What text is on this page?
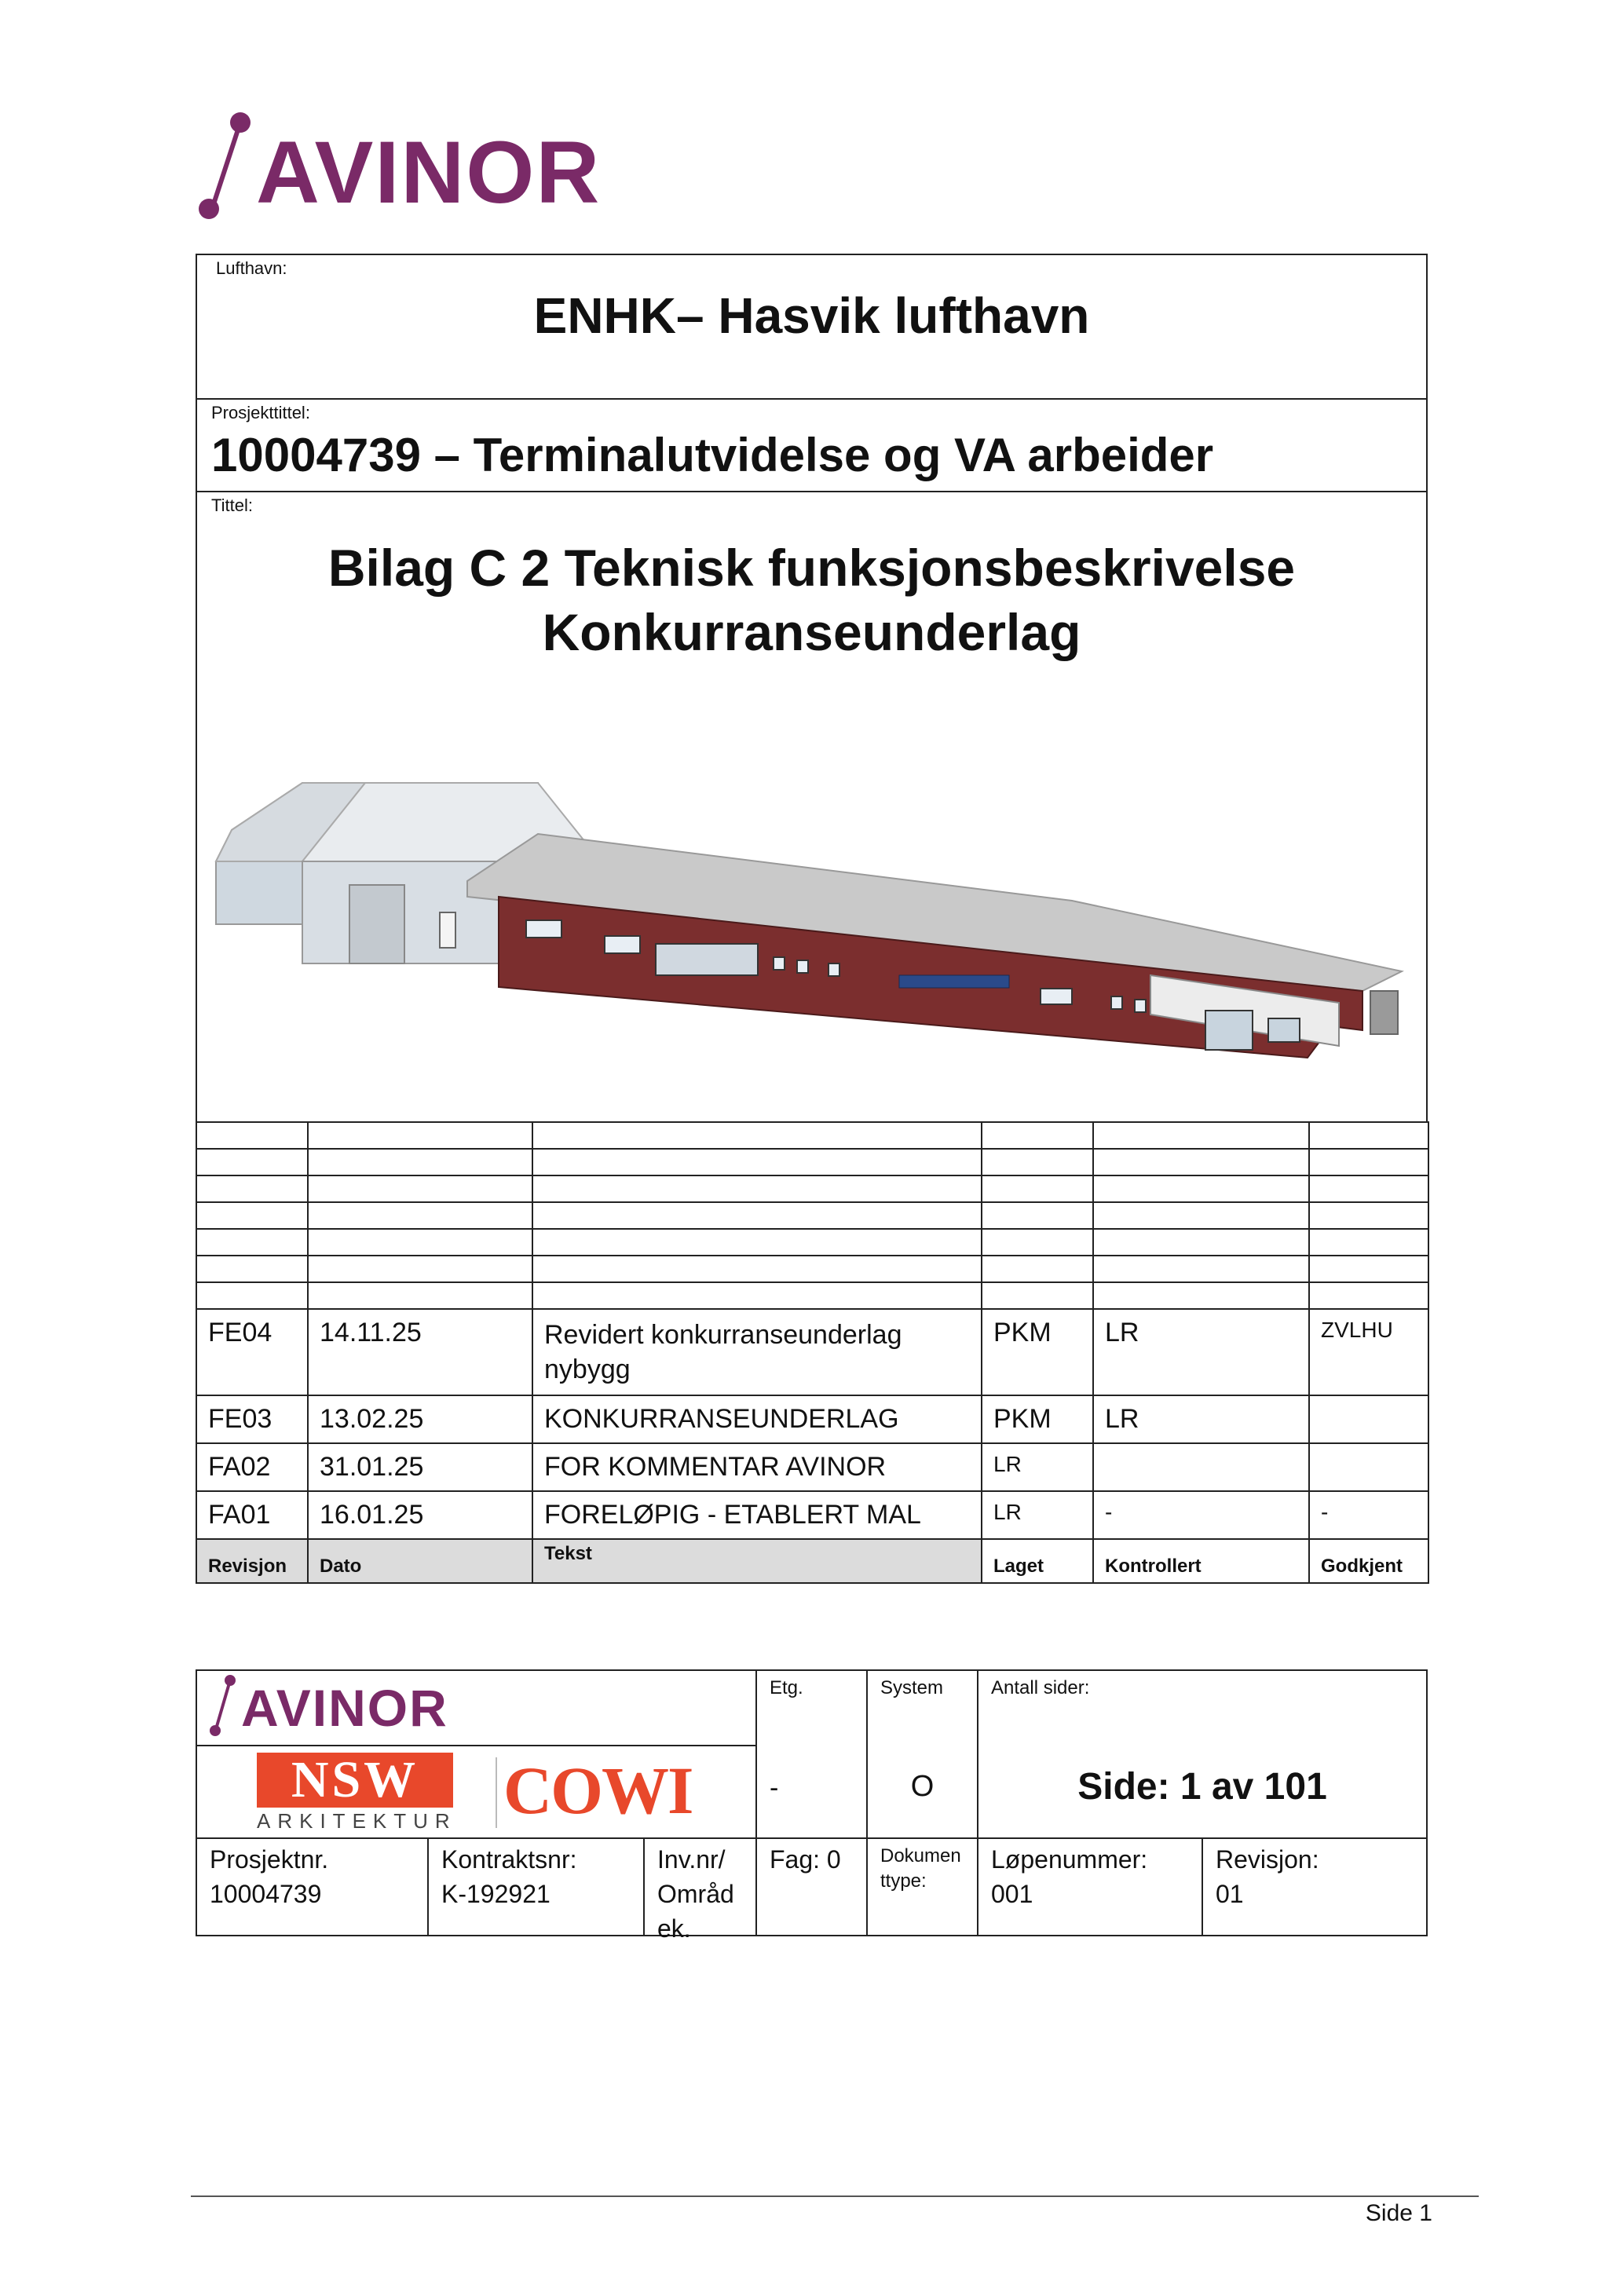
AVINOR
Lufthavn:
ENHK– Hasvik lufthavn
Prosjekttittel:
10004739 – Terminalutvidelse og VA arbeider
Tittel:
Bilag C 2 Teknisk funksjonsbeskrivelse
Konkurranseunderlag

FE04	14.11.25	Revidert konkurranseunderlag nybygg	PKM	LR	ZVLHU
FE03	13.02.25	KONKURRANSEUNDERLAG	PKM	LR	
FA02	31.01.25	FOR KOMMENTAR AVINOR	LR		
FA01	16.01.25	FORELØPIG - ETABLERT MAL	LR	-	-
Revisjon	Dato	Tekst	Laget	Kontrollert	Godkjent
AVINOR
NSW
ARKITEKTUR COWI
Etg.
-
System
O
Antall sider:
Side: 1 av 101
Prosjektnr.
10004739
Kontraktsnr:
K-192921
Inv.nr/ Områd ek.
Fag: 0 Dokumen ttype:
Løpenummer:
001
Revisjon:
01
Side 1
